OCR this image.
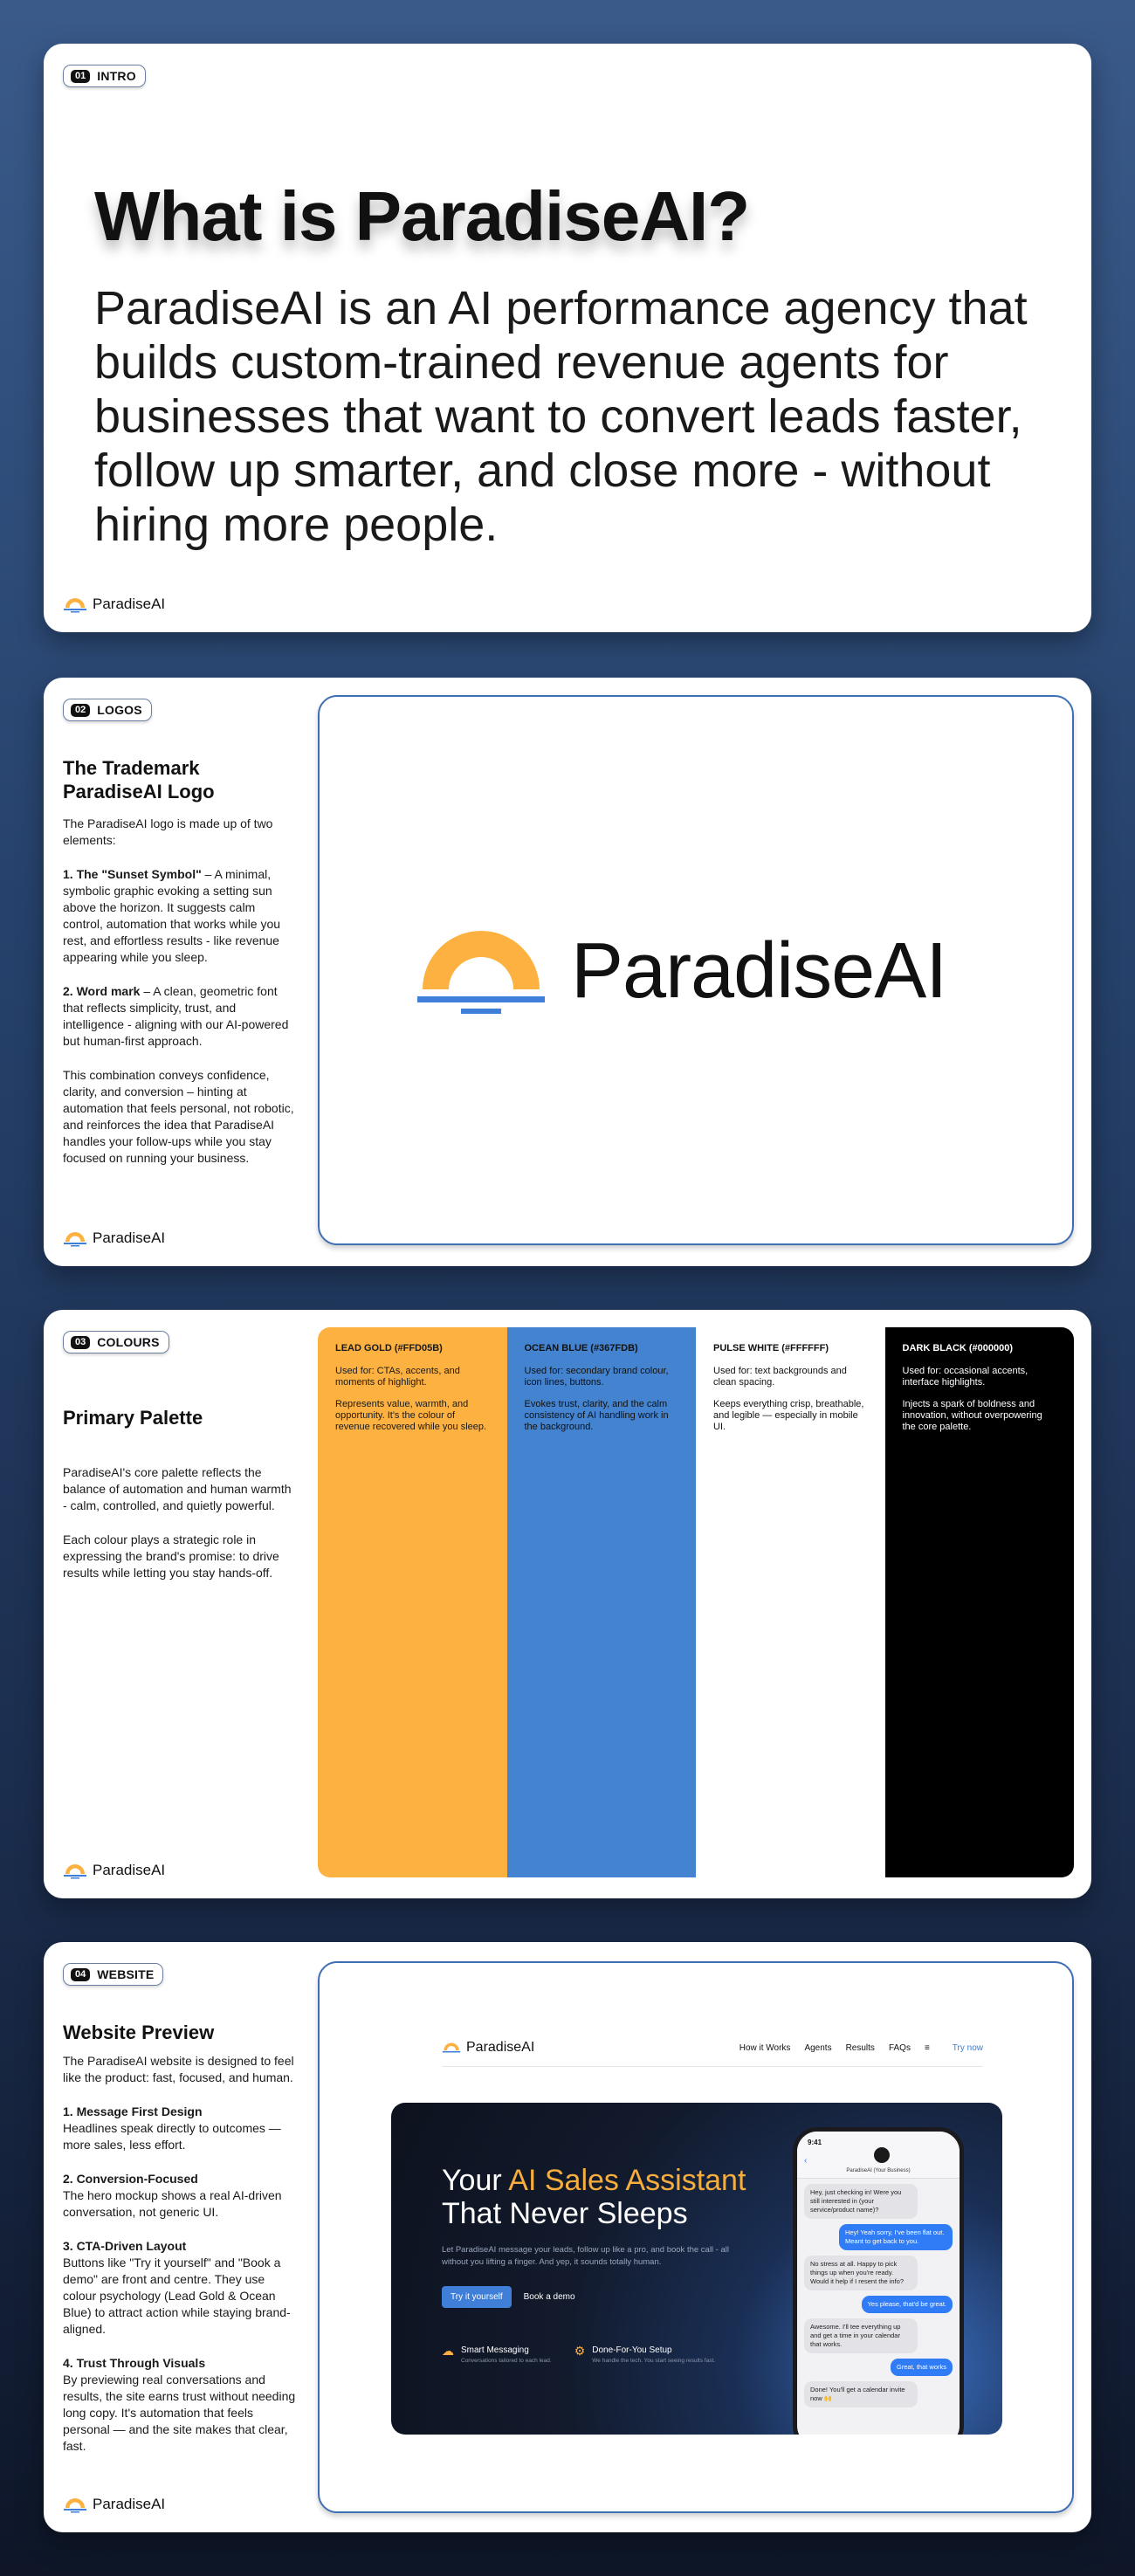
01 INTRO
What is ParadiseAI?
ParadiseAI is an AI performance agency that builds custom-trained revenue agents for businesses that want to convert leads faster, follow up smarter, and close more - without hiring more people.
ParadiseAI
02 LOGOS
The Trademark ParadiseAI Logo

The ParadiseAI logo is made up of two elements:

1. The "Sunset Symbol" – A minimal, symbolic graphic evoking a setting sun above the horizon. It suggests calm control, automation that works while you rest, and effortless results - like revenue appearing while you sleep.

2. Word mark – A clean, geometric font that reflects simplicity, trust, and intelligence - aligning with our AI-powered but human-first approach.

This combination conveys confidence, clarity, and conversion – hinting at automation that feels personal, not robotic, and reinforces the idea that ParadiseAI handles your follow-ups while you stay focused on running your business.

ParadiseAI
ParadiseAI
03 COLOURS
Primary Palette

ParadiseAI's core palette reflects the balance of automation and human warmth - calm, controlled, and quietly powerful.

Each colour plays a strategic role in expressing the brand's promise: to drive results while letting you stay hands-off.

LEAD GOLD (#FFD05B)

Used for: CTAs, accents, and moments of highlight.

Represents value, warmth, and opportunity. It's the colour of revenue recovered while you sleep.

OCEAN BLUE (#367FDB)

Used for: secondary brand colour, icon lines, buttons.

Evokes trust, clarity, and the calm consistency of AI handling work in the background.

PULSE WHITE (#FFFFFF)

Used for: text backgrounds and clean spacing.

Keeps everything crisp, breathable, and legible — especially in mobile UI.

DARK BLACK (#000000)

Used for: occasional accents, interface highlights.

Injects a spark of boldness and innovation, without overpowering the core palette.

ParadiseAI
04 WEBSITE
Website Preview

The ParadiseAI website is designed to feel like the product: fast, focused, and human.

1. Message First Design
Headlines speak directly to outcomes — more sales, less effort.

2. Conversion-Focused
The hero mockup shows a real AI-driven conversation, not generic UI.

3. CTA-Driven Layout
Buttons like "Try it yourself" and "Book a demo" are front and centre. They use colour psychology (Lead Gold & Ocean Blue) to attract action while staying brand-aligned.

4. Trust Through Visuals
By previewing real conversations and results, the site earns trust without needing long copy. It's automation that feels personal — and the site makes that clear, fast.

ParadiseAI	How it Works Agents Results FAQs ≡	Try now
Your AI Sales Assistant
That Never Sleeps
Let ParadiseAI message your leads, follow up like a pro, and book the call - all without you lifting a finger. And yep, it sounds totally human.
Try it yourself	Book a demo
☁ Smart Messaging
Conversations tailored to each lead.
⚙ Done-For-You Setup
We handle the tech. You start seeing results fast.
9:41
‹
ParadiseAI (Your Business)
Hey, just checking in! Were you still interested in (your service/product name)?
Hey! Yeah sorry, I've been flat out. Meant to get back to you.
No stress at all. Happy to pick things up when you're ready. Would it help if I resent the info?
Yes please, that'd be great.
Awesome. I'll tee everything up and get a time in your calendar that works.
Great, that works
Done! You'll get a calendar invite now 🙌
ParadiseAI
